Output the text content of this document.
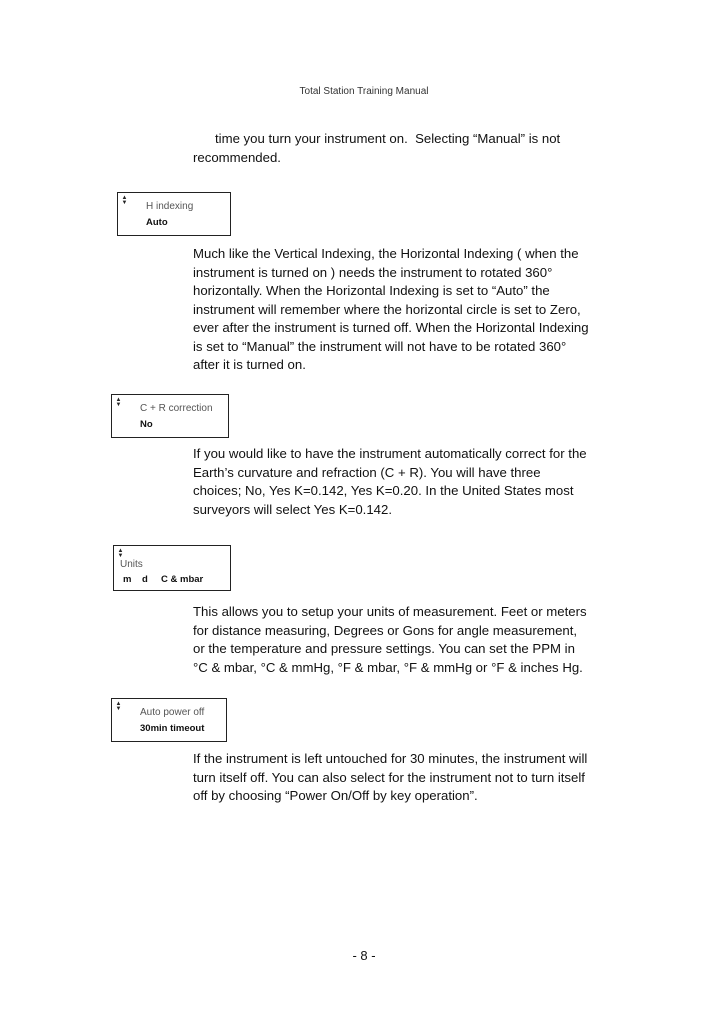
Total Station Training Manual
time you turn your instrument on.  Selecting “Manual” is not
recommended.
▲
▼ H indexing
Auto
Much like the Vertical Indexing, the Horizontal Indexing ( when the
instrument is turned on ) needs the instrument to rotated 360°
horizontally. When the Horizontal Indexing is set to “Auto” the
instrument will remember where the horizontal circle is set to Zero,
ever after the instrument is turned off. When the Horizontal Indexing
is set to “Manual” the instrument will not have to be rotated 360°
after it is turned on.
▲
▼ C + R correction
No
If you would like to have the instrument automatically correct for the
Earth’s curvature and refraction (C + R). You will have three
choices; No, Yes K=0.142, Yes K=0.20. In the United States most
surveyors will select Yes K=0.142.
▲
▼
Units
m    d     C & mbar
This allows you to setup your units of measurement. Feet or meters
for distance measuring, Degrees or Gons for angle measurement,
or the temperature and pressure settings. You can set the PPM in
°C & mbar, °C & mmHg, °F & mbar, °F & mmHg or °F & inches Hg.
▲
▼ Auto power off
30min timeout
If the instrument is left untouched for 30 minutes, the instrument will
turn itself off. You can also select for the instrument not to turn itself
off by choosing “Power On/Off by key operation”.
- 8 -
